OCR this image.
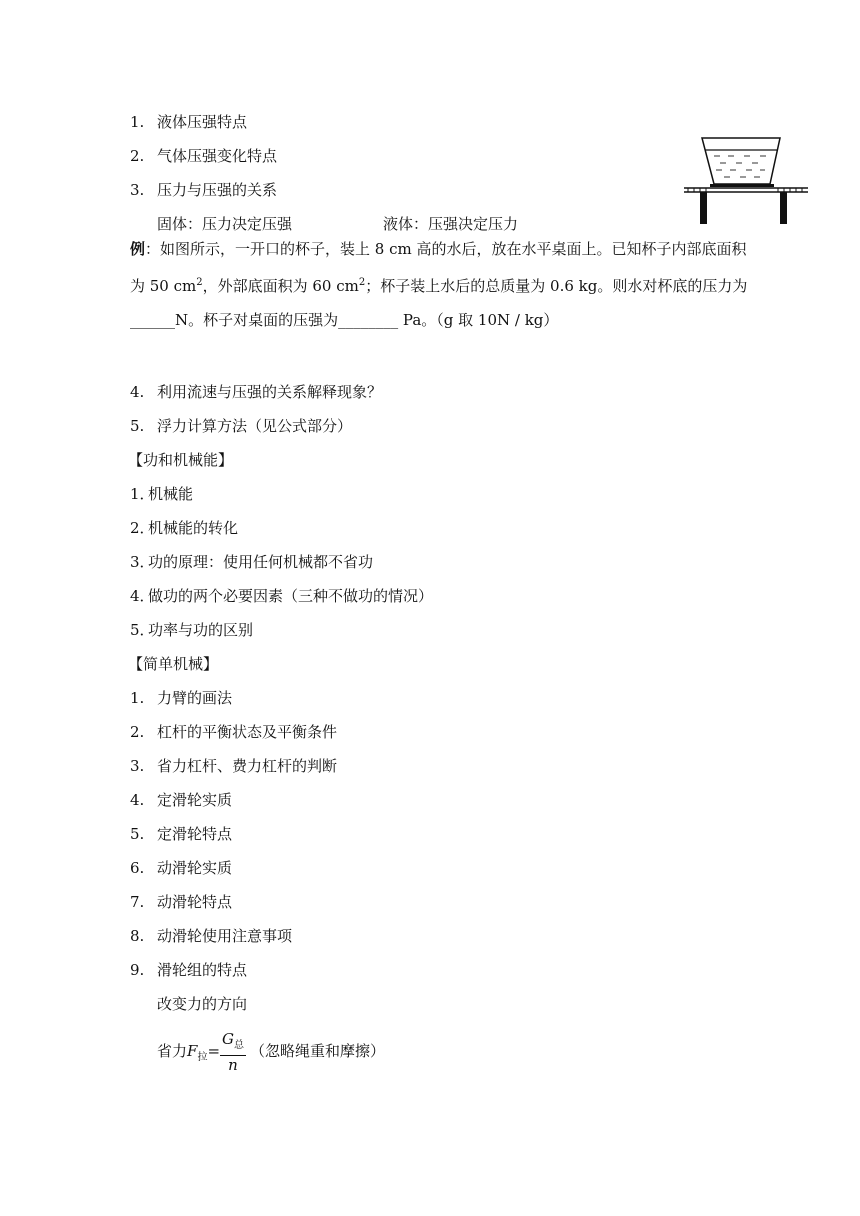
1. 液体压强特点
2. 气体压强变化特点
3. 压力与压强的关系
固体：压力决定压强	液体：压强决定压力
例：如图所示，一开口的杯子，装上 8 cm 高的水后，放在水平桌面上。已知杯子内部底面积为 50 $cm^2$，外部底面积为 60 $cm^2$；杯子装上水后的总质量为 0.6 kg。则水对杯底的压力为______N。杯子对桌面的压强为________ Pa。（g 取 10N / kg）
4. 利用流速与压强的关系解释现象？
5. 浮力计算方法（见公式部分）
【功和机械能】
1．
机械能
2．
机械能的转化
3．
功的原理：使用任何机械都不省功
4．
做功的两个必要因素（三种不做功的情况）
5．
功率与功的区别
【简单机械】
1. 力臂的画法
2. 杠杆的平衡状态及平衡条件
3. 省力杠杆、费力杠杆的判断
4. 定滑轮实质
5. 定滑轮特点
6. 动滑轮实质
7. 动滑轮特点
8. 动滑轮使用注意事项
9. 滑轮组的特点
改变力的方向
省力$F_拉= \frac{G_总}{n}$ （忽略绳重和摩擦）
